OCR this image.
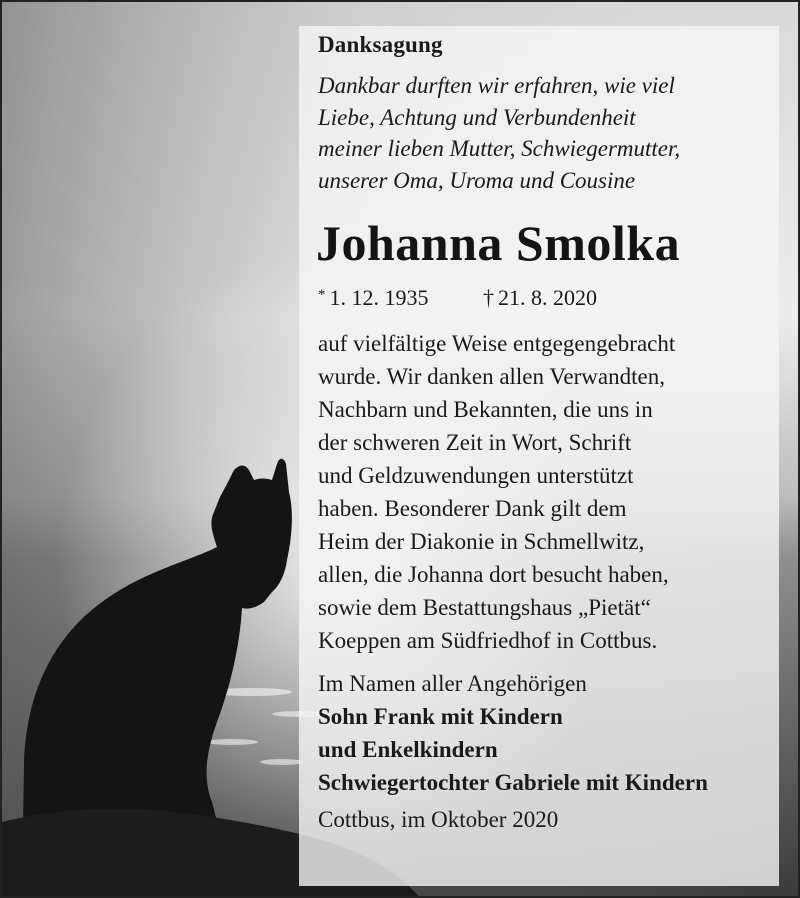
Danksagung
Dankbar durften wir erfahren, wie viel
Liebe, Achtung und Verbundenheit
meiner lieben Mutter, Schwiegermutter,
unserer Oma, Uroma und Cousine
Johanna Smolka
* 1. 12. 1935 † 21. 8. 2020
auf vielfältige Weise entgegengebracht
wurde. Wir danken allen Verwandten,
Nachbarn und Bekannten, die uns in
der schweren Zeit in Wort, Schrift
und Geldzuwendungen unterstützt
haben. Besonderer Dank gilt dem
Heim der Diakonie in Schmellwitz,
allen, die Johanna dort besucht haben,
sowie dem Bestattungshaus „Pietät“
Koeppen am Südfriedhof in Cottbus.
Im Namen aller Angehörigen
Sohn Frank mit Kindern
und Enkelkindern
Schwiegertochter Gabriele mit Kindern
Cottbus, im Oktober 2020
